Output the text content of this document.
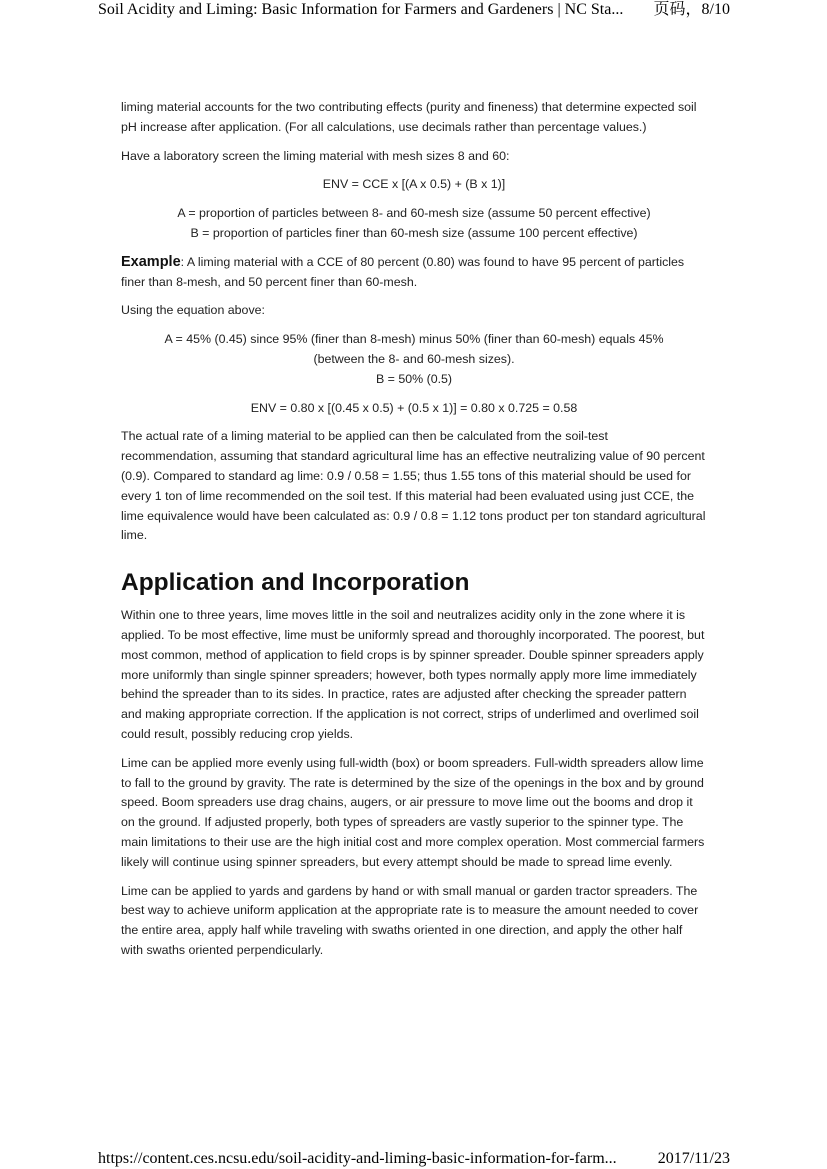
Soil Acidity and Liming: Basic Information for Farmers and Gardeners | NC Sta... 页码，8/10

liming material accounts for the two contributing effects (purity and fineness) that determine expected soil pH increase after application. (For all calculations, use decimals rather than percentage values.)

Have a laboratory screen the liming material with mesh sizes 8 and 60:

ENV = CCE x [(A x 0.5) + (B x 1)]

A = proportion of particles between 8- and 60-mesh size (assume 50 percent effective)

B = proportion of particles finer than 60-mesh size (assume 100 percent effective)

Example: A liming material with a CCE of 80 percent (0.80) was found to have 95 percent of particles finer than 8-mesh, and 50 percent finer than 60-mesh.

Using the equation above:

A = 45% (0.45) since 95% (finer than 8-mesh) minus 50% (finer than 60-mesh) equals 45%
(between the 8- and 60-mesh sizes).

B = 50% (0.5)

ENV = 0.80 x [(0.45 x 0.5) + (0.5 x 1)] = 0.80 x 0.725 = 0.58

The actual rate of a liming material to be applied can then be calculated from the soil-test recommendation, assuming that standard agricultural lime has an effective neutralizing value of 90 percent (0.9). Compared to standard ag lime: 0.9 / 0.58 = 1.55; thus 1.55 tons of this material should be used for every 1 ton of lime recommended on the soil test. If this material had been evaluated using just CCE, the lime equivalence would have been calculated as: 0.9 / 0.8 = 1.12 tons product per ton standard agricultural lime.

Application and Incorporation

Within one to three years, lime moves little in the soil and neutralizes acidity only in the zone where it is applied. To be most effective, lime must be uniformly spread and thoroughly incorporated. The poorest, but most common, method of application to field crops is by spinner spreader. Double spinner spreaders apply more uniformly than single spinner spreaders; however, both types normally apply more lime immediately behind the spreader than to its sides. In practice, rates are adjusted after checking the spreader pattern and making appropriate correction. If the application is not correct, strips of underlimed and overlimed soil could result, possibly reducing crop yields.

Lime can be applied more evenly using full-width (box) or boom spreaders. Full-width spreaders allow lime to fall to the ground by gravity. The rate is determined by the size of the openings in the box and by ground speed. Boom spreaders use drag chains, augers, or air pressure to move lime out the booms and drop it on the ground. If adjusted properly, both types of spreaders are vastly superior to the spinner type. The main limitations to their use are the high initial cost and more complex operation. Most commercial farmers likely will continue using spinner spreaders, but every attempt should be made to spread lime evenly.

Lime can be applied to yards and gardens by hand or with small manual or garden tractor spreaders. The best way to achieve uniform application at the appropriate rate is to measure the amount needed to cover the entire area, apply half while traveling with swaths oriented in one direction, and apply the other half with swaths oriented perpendicularly.

https://content.ces.ncsu.edu/soil-acidity-and-liming-basic-information-for-farm...	2017/11/23
